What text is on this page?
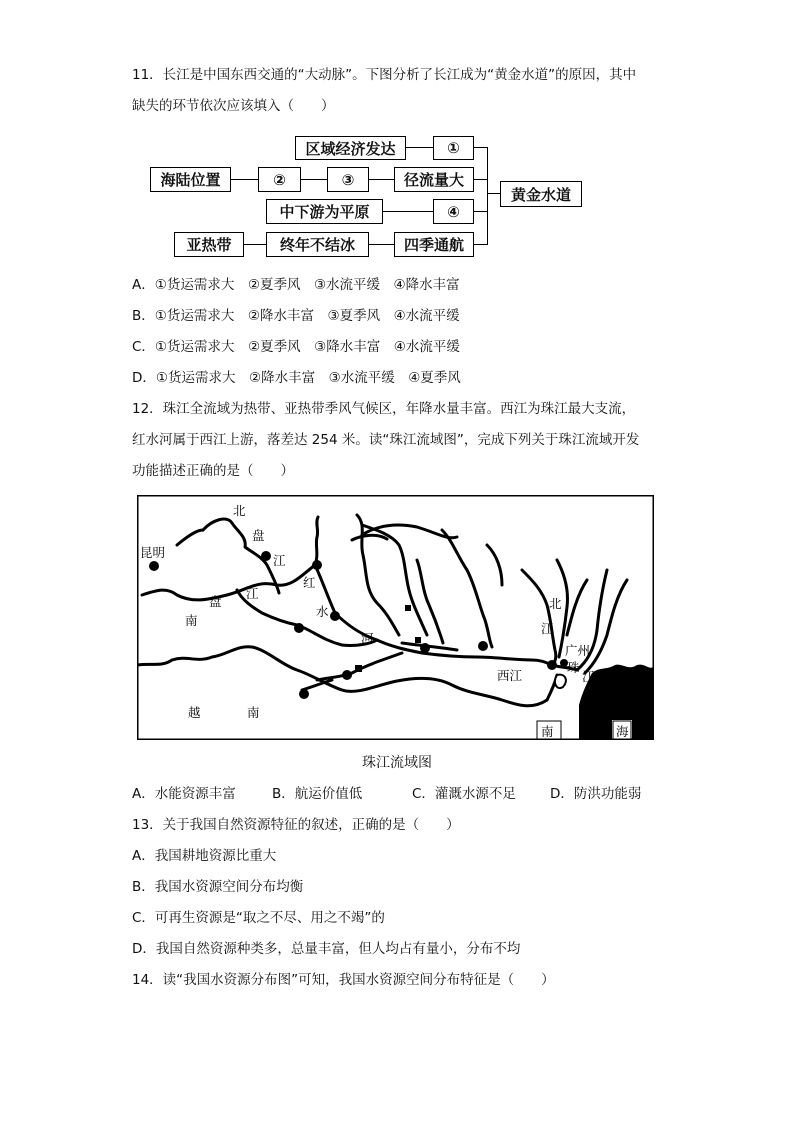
11．长江是中国东西交通的“大动脉”。下图分析了长江成为“黄金水道”的原因，其中
缺失的环节依次应该填入（　　）
区域经济发达	①
海陆位置	②	③	径流量大
黄金水道
中下游为平原	④
亚热带	终年不结冰	四季通航
A．①货运需求大　②夏季风　③水流平缓　④降水丰富
B．①货运需求大　②降水丰富　③夏季风　④水流平缓
C．①货运需求大　②夏季风　③降水丰富　④水流平缓
D．①货运需求大　②降水丰富　③水流平缓　④夏季风
12．珠江全流域为热带、亚热带季风气候区，年降水量丰富。西江为珠江最大支流，
红水河属于西江上游，落差达 254 米。读“珠江流域图”，完成下列关于珠江流域开发
功能描述正确的是（　　）
北
盘
江
昆明
红
水
河
南
盘
江
西江
北
江
广州
珠
江
珠
江
口
越	南
南	海
珠江流域图
A．水能资源丰富	B．航运价值低	C．灌溉水源不足	D．防洪功能弱
13．关于我国自然资源特征的叙述，正确的是（　　）
A．我国耕地资源比重大
B．我国水资源空间分布均衡
C．可再生资源是“取之不尽、用之不竭”的
D．我国自然资源种类多，总量丰富，但人均占有量小，分布不均
14．读“我国水资源分布图”可知，我国水资源空间分布特征是（　　）
